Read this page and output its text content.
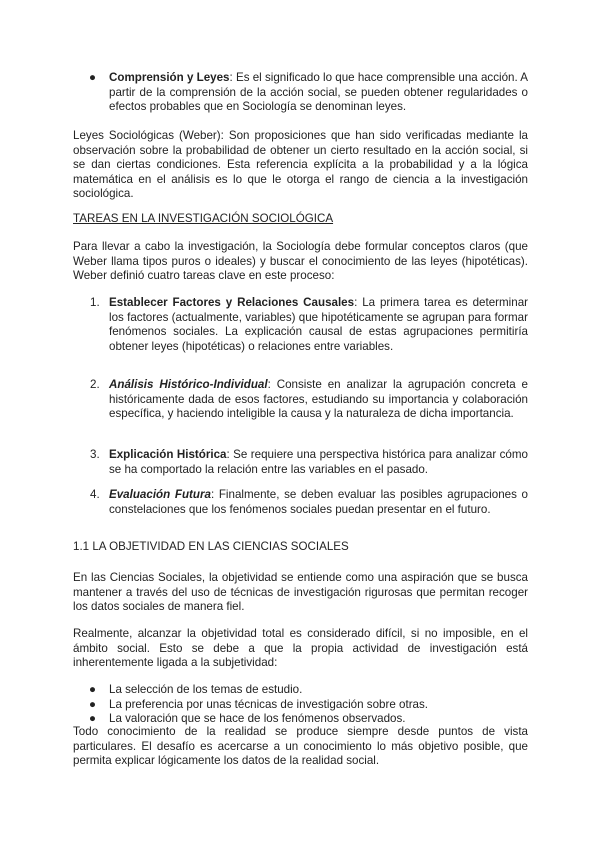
● Comprensión y Leyes: Es el significado lo que hace comprensible una acción. A partir de la comprensión de la acción social, se pueden obtener regularidades o efectos probables que en Sociología se denominan leyes.

Leyes Sociológicas (Weber): Son proposiciones que han sido verificadas mediante la observación sobre la probabilidad de obtener un cierto resultado en la acción social, si se dan ciertas condiciones. Esta referencia explícita a la probabilidad y a la lógica matemática en el análisis es lo que le otorga el rango de ciencia a la investigación sociológica.

TAREAS EN LA INVESTIGACIÓN SOCIOLÓGICA

Para llevar a cabo la investigación, la Sociología debe formular conceptos claros (que Weber llama tipos puros o ideales) y buscar el conocimiento de las leyes (hipotéticas). Weber definió cuatro tareas clave en este proceso:

1. Establecer Factores y Relaciones Causales: La primera tarea es determinar los factores (actualmente, variables) que hipotéticamente se agrupan para formar fenómenos sociales. La explicación causal de estas agrupaciones permitiría obtener leyes (hipotéticas) o relaciones entre variables.

2. Análisis Histórico-Individual: Consiste en analizar la agrupación concreta e históricamente dada de esos factores, estudiando su importancia y colaboración específica, y haciendo inteligible la causa y la naturaleza de dicha importancia.

3. Explicación Histórica: Se requiere una perspectiva histórica para analizar cómo se ha comportado la relación entre las variables en el pasado.

4. Evaluación Futura: Finalmente, se deben evaluar las posibles agrupaciones o constelaciones que los fenómenos sociales puedan presentar en el futuro.

1.1 LA OBJETIVIDAD EN LAS CIENCIAS SOCIALES

En las Ciencias Sociales, la objetividad se entiende como una aspiración que se busca mantener a través del uso de técnicas de investigación rigurosas que permitan recoger los datos sociales de manera fiel.

Realmente, alcanzar la objetividad total es considerado difícil, si no imposible, en el ámbito social. Esto se debe a que la propia actividad de investigación está inherentemente ligada a la subjetividad:

● La selección de los temas de estudio.
● La preferencia por unas técnicas de investigación sobre otras.
● La valoración que se hace de los fenómenos observados.

Todo conocimiento de la realidad se produce siempre desde puntos de vista particulares. El desafío es acercarse a un conocimiento lo más objetivo posible, que permita explicar lógicamente los datos de la realidad social.
